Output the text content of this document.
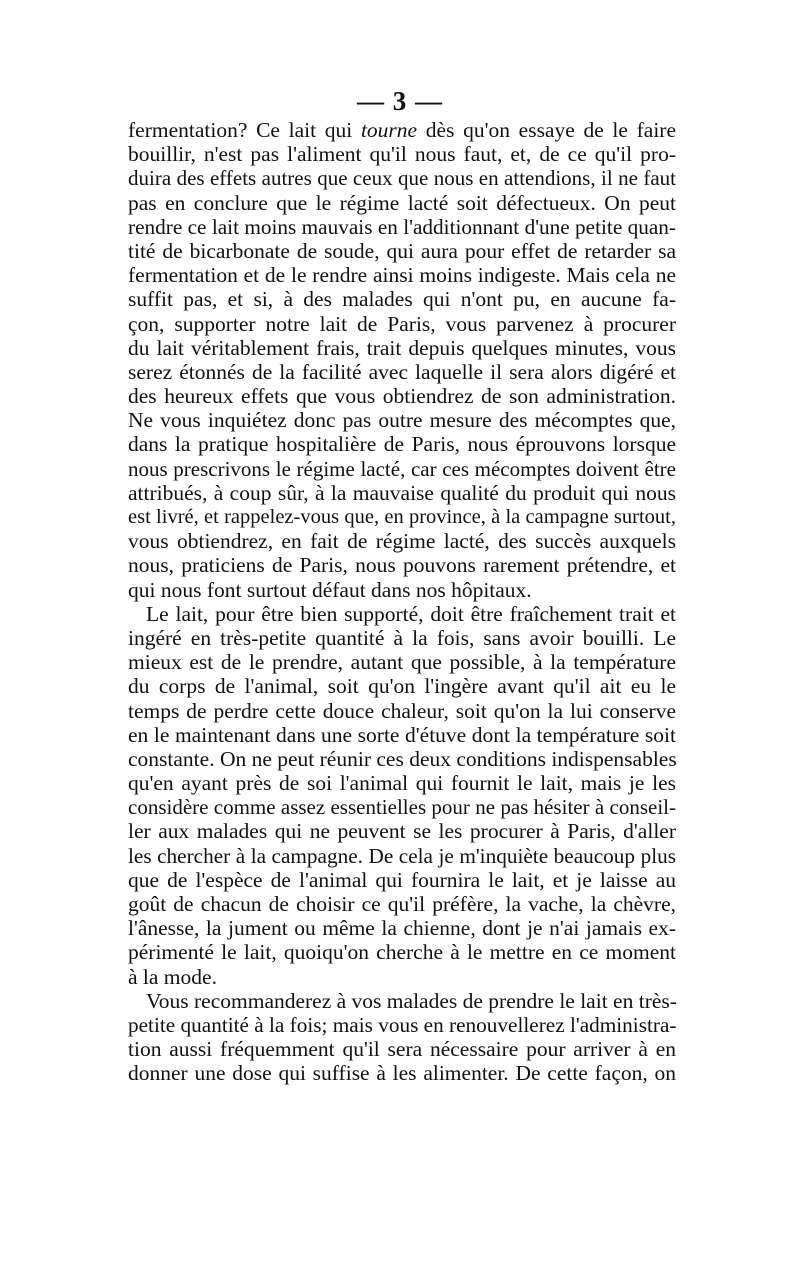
— 3 —
fermentation? Ce lait qui tourne dès qu'on essaye de le faire
bouillir, n'est pas l'aliment qu'il nous faut, et, de ce qu'il pro-
duira des effets autres que ceux que nous en attendions, il ne faut
pas en conclure que le régime lacté soit défectueux. On peut
rendre ce lait moins mauvais en l'additionnant d'une petite quan-
tité de bicarbonate de soude, qui aura pour effet de retarder sa
fermentation et de le rendre ainsi moins indigeste. Mais cela ne
suffit pas, et si, à des malades qui n'ont pu, en aucune fa-
çon, supporter notre lait de Paris, vous parvenez à procurer
du lait véritablement frais, trait depuis quelques minutes, vous
serez étonnés de la facilité avec laquelle il sera alors digéré et
des heureux effets que vous obtiendrez de son administration.
Ne vous inquiétez donc pas outre mesure des mécomptes que,
dans la pratique hospitalière de Paris, nous éprouvons lorsque
nous prescrivons le régime lacté, car ces mécomptes doivent être
attribués, à coup sûr, à la mauvaise qualité du produit qui nous
est livré, et rappelez-vous que, en province, à la campagne surtout,
vous obtiendrez, en fait de régime lacté, des succès auxquels
nous, praticiens de Paris, nous pouvons rarement prétendre, et
qui nous font surtout défaut dans nos hôpitaux.
Le lait, pour être bien supporté, doit être fraîchement trait et
ingéré en très-petite quantité à la fois, sans avoir bouilli. Le
mieux est de le prendre, autant que possible, à la température
du corps de l'animal, soit qu'on l'ingère avant qu'il ait eu le
temps de perdre cette douce chaleur, soit qu'on la lui conserve
en le maintenant dans une sorte d'étuve dont la température soit
constante. On ne peut réunir ces deux conditions indispensables
qu'en ayant près de soi l'animal qui fournit le lait, mais je les
considère comme assez essentielles pour ne pas hésiter à conseil-
ler aux malades qui ne peuvent se les procurer à Paris, d'aller
les chercher à la campagne. De cela je m'inquiète beaucoup plus
que de l'espèce de l'animal qui fournira le lait, et je laisse au
goût de chacun de choisir ce qu'il préfère, la vache, la chèvre,
l'ânesse, la jument ou même la chienne, dont je n'ai jamais ex-
périmenté le lait, quoiqu'on cherche à le mettre en ce moment
à la mode.
Vous recommanderez à vos malades de prendre le lait en très-
petite quantité à la fois; mais vous en renouvellerez l'administra-
tion aussi fréquemment qu'il sera nécessaire pour arriver à en
donner une dose qui suffise à les alimenter. De cette façon, on
